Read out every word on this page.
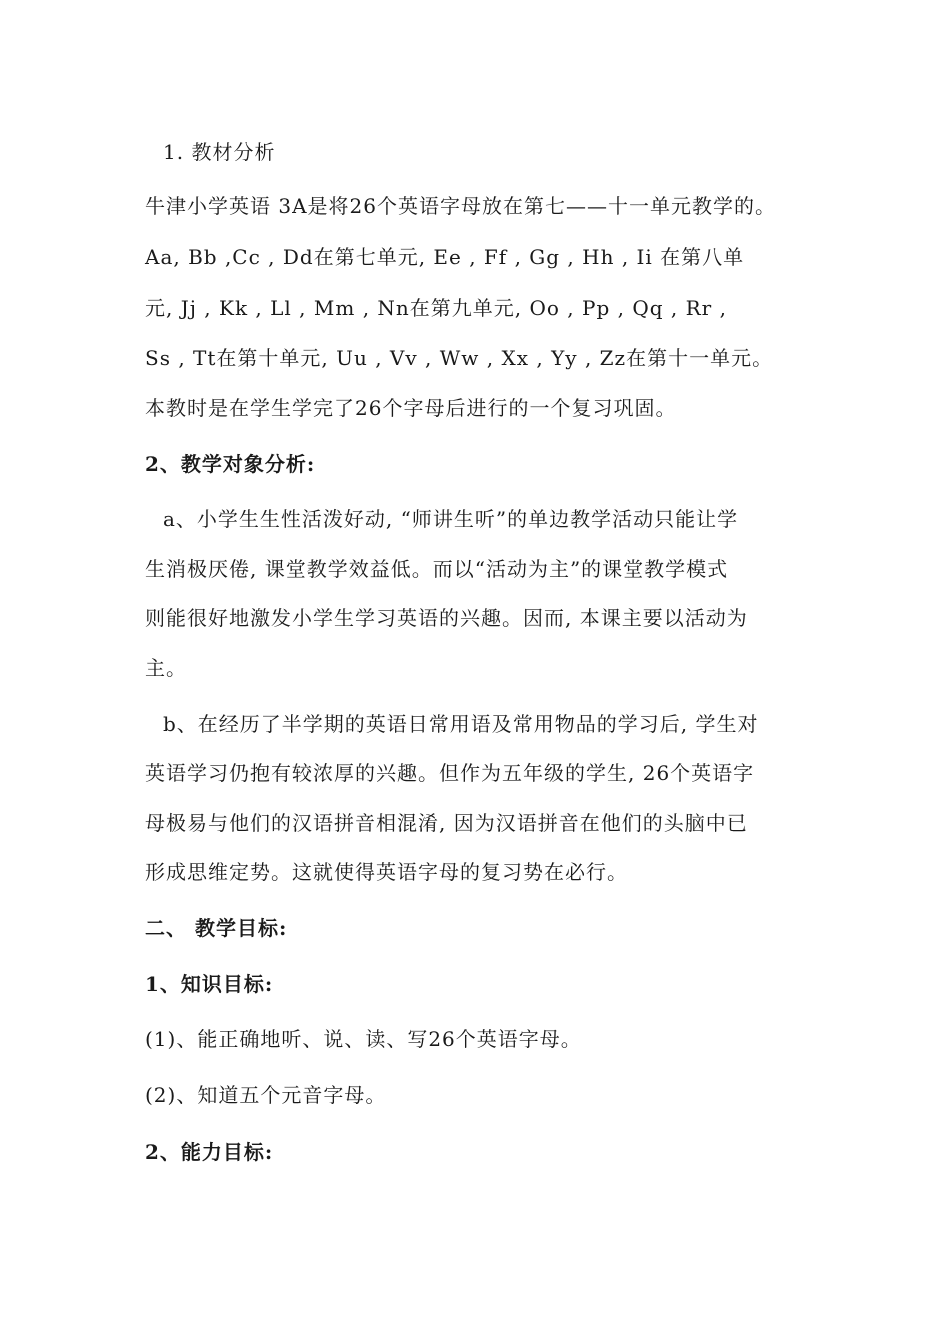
1. 教材分析
牛津小学英语 3A是将26个英语字母放在第七——十一单元教学的。
Aa, Bb ,Cc , Dd在第七单元, Ee , Ff , Gg , Hh , Ii 在第八单
元, Jj , Kk , Ll , Mm , Nn在第九单元, Oo , Pp , Qq , Rr ,
Ss , Tt在第十单元, Uu , Vv , Ww , Xx , Yy , Zz在第十一单元。
本教时是在学生学完了26个字母后进行的一个复习巩固。
2、教学对象分析:
a、小学生生性活泼好动, “师讲生听”的单边教学活动只能让学
生消极厌倦, 课堂教学效益低。而以“活动为主”的课堂教学模式
则能很好地激发小学生学习英语的兴趣。因而, 本课主要以活动为
主。
b、在经历了半学期的英语日常用语及常用物品的学习后, 学生对
英语学习仍抱有较浓厚的兴趣。但作为五年级的学生, 26个英语字
母极易与他们的汉语拼音相混淆, 因为汉语拼音在他们的头脑中已
形成思维定势。这就使得英语字母的复习势在必行。
二、 教学目标:
1、知识目标:
(1)、能正确地听、说、读、写26个英语字母。
(2)、知道五个元音字母。
2、能力目标:
